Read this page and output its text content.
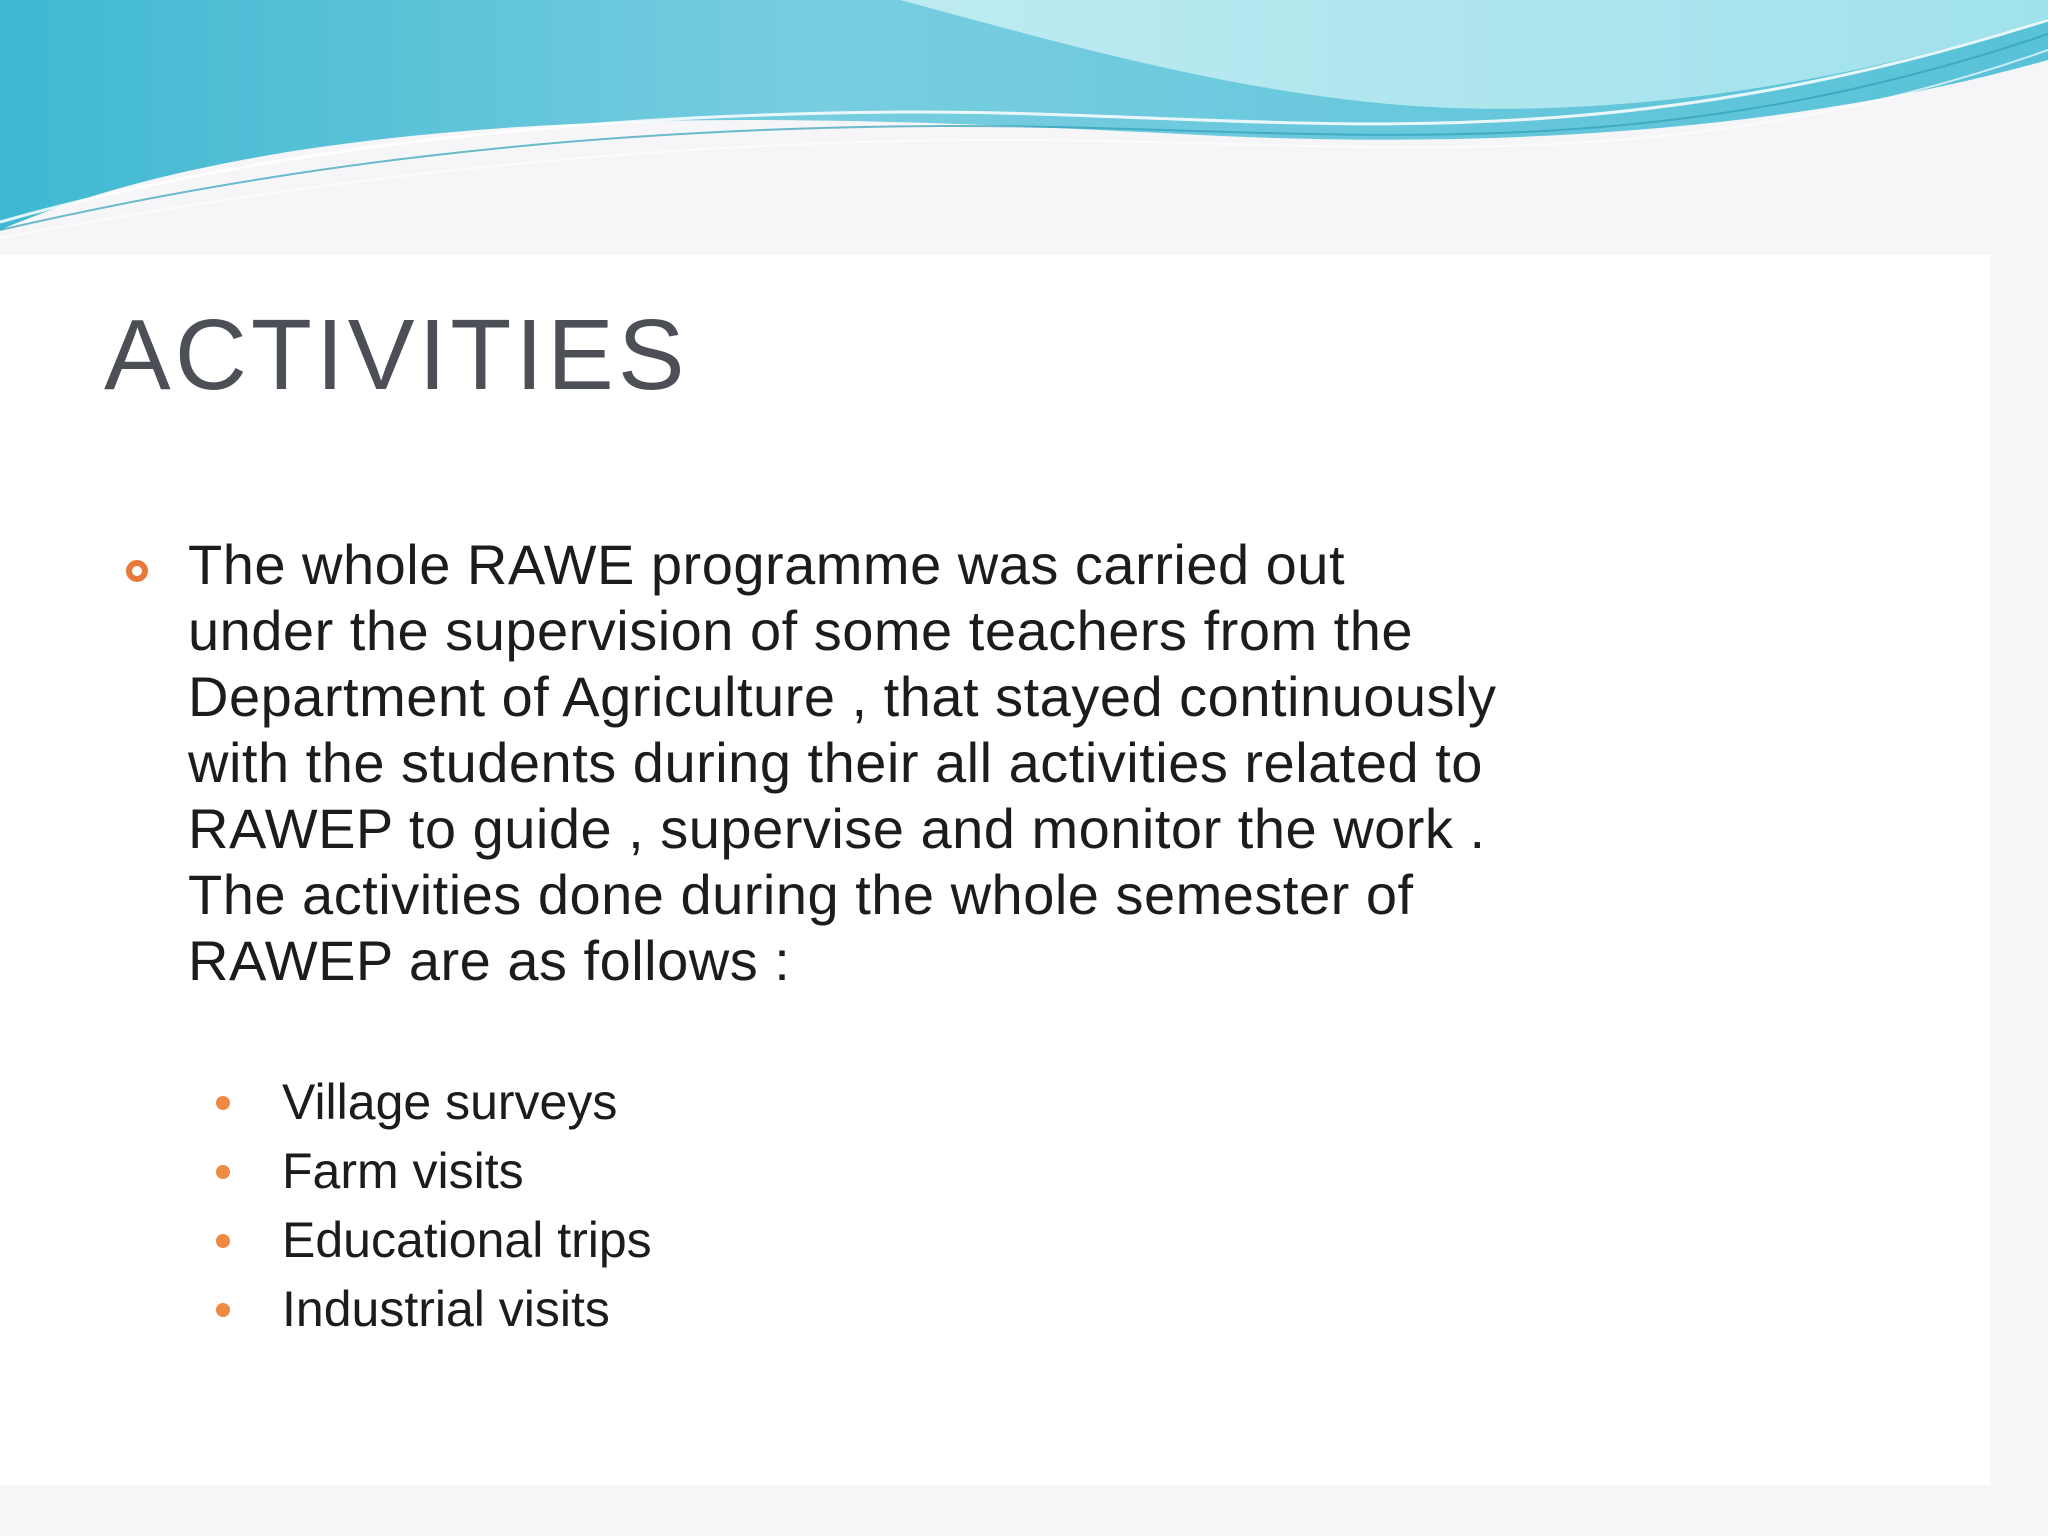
ACTIVITIES

The whole RAWE programme was carried out
under the supervision of some teachers from the
Department of Agriculture , that stayed continuously
with the students during their all activities related to
RAWEP to guide , supervise and monitor the work .
The activities done during the whole semester of
RAWEP are as follows :

Village surveys
Farm visits
Educational trips
Industrial visits
